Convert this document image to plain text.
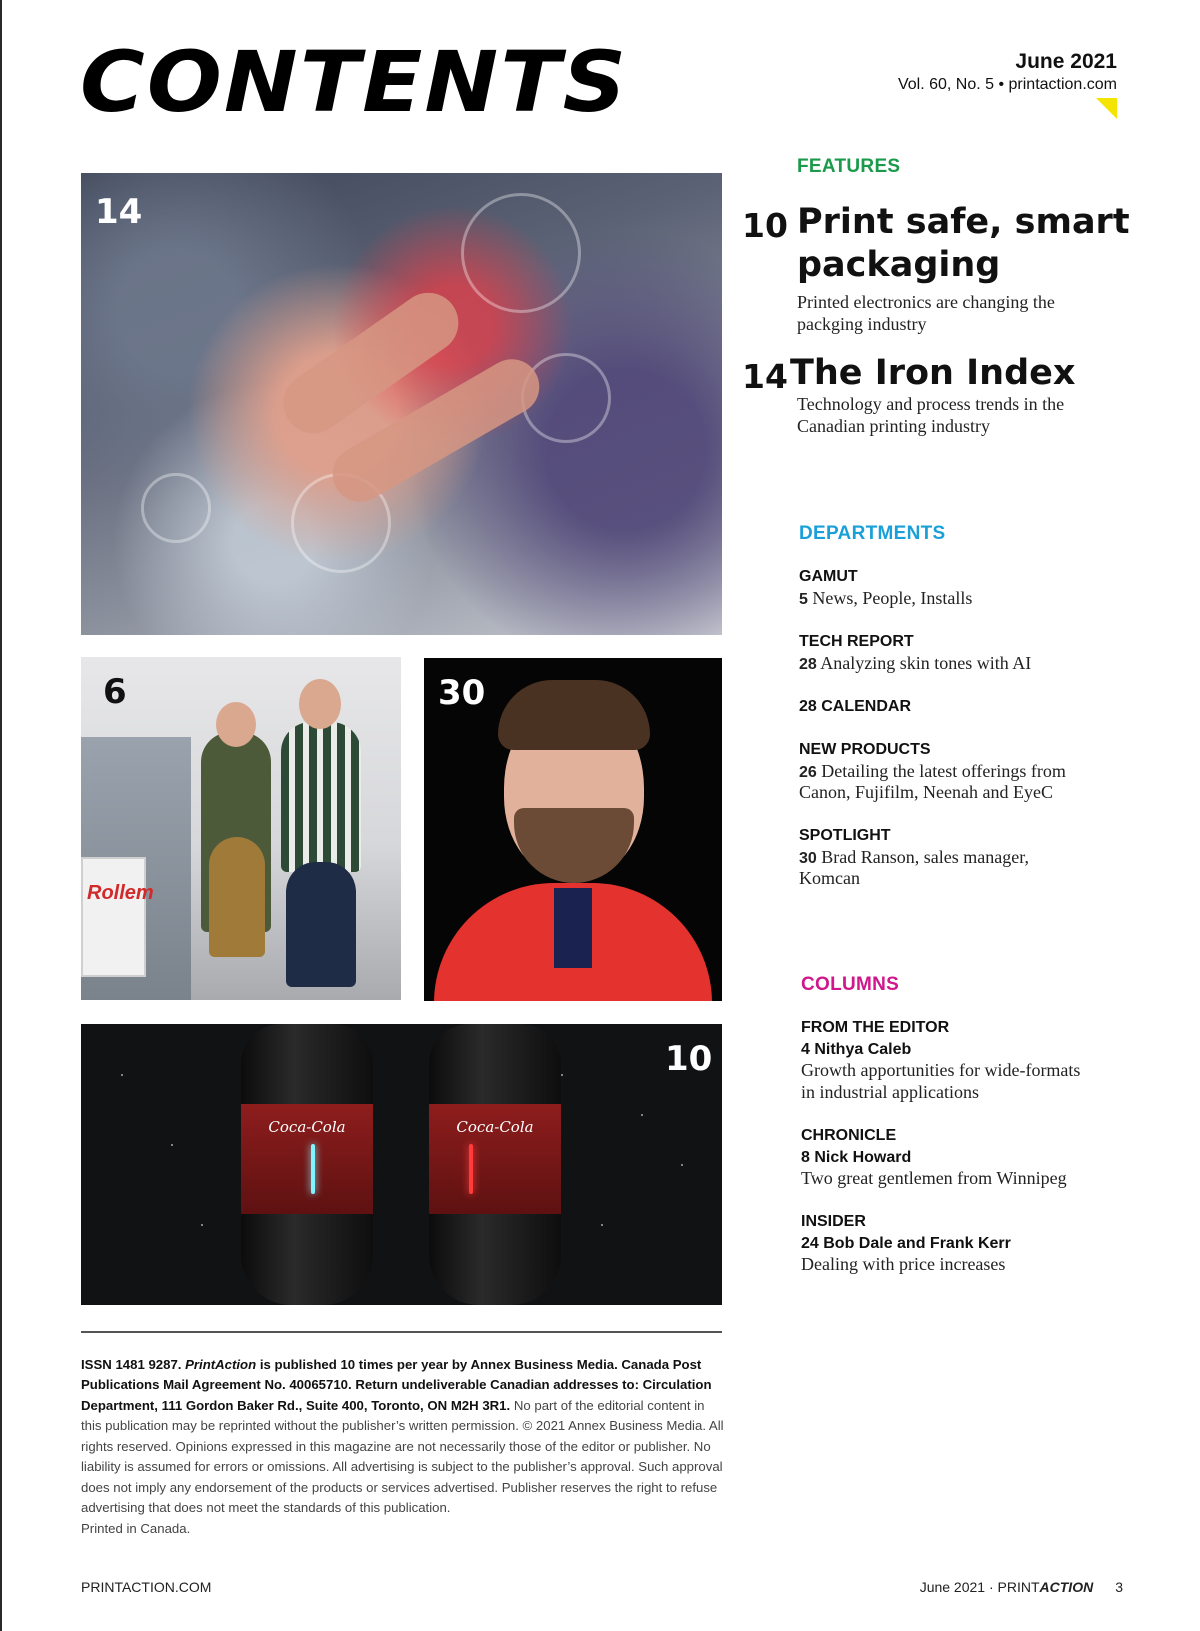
CONTENTS	June 2021
Vol. 60, No. 5 • printaction.com
14
Rollem
6	30
Coca-Cola	Coca-Cola
10
FEATURES
10 Print safe, smart
packaging
Printed electronics are changing the
packging industry
14 The Iron Index
Technology and process trends in the
Canadian printing industry
DEPARTMENTS
GAMUT
5 News, People, Installs
TECH REPORT
28 Analyzing skin tones with AI
28 CALENDAR
NEW PRODUCTS
26 Detailing the latest offerings from
Canon, Fujifilm, Neenah and EyeC
SPOTLIGHT
30 Brad Ranson, sales manager,
Komcan
COLUMNS
FROM THE EDITOR
4 Nithya Caleb
Growth apportunities for wide-formats
in industrial applications
CHRONICLE
8 Nick Howard
Two great gentlemen from Winnipeg
INSIDER
24 Bob Dale and Frank Kerr
Dealing with price increases
ISSN 1481 9287. PrintAction is published 10 times per year by Annex Business Media. Canada Post Publications Mail Agreement No. 40065710. Return undeliverable Canadian addresses to: Circulation Department, 111 Gordon Baker Rd., Suite 400, Toronto, ON M2H 3R1. No part of the editorial content in this publication may be reprinted without the publisher’s written permission. © 2021 Annex Business Media. All rights reserved. Opinions expressed in this magazine are not necessarily those of the editor or publisher. No liability is assumed for errors or omissions. All advertising is subject to the publisher’s approval. Such approval does not imply any endorsement of the products or services advertised. Publisher reserves the right to refuse advertising that does not meet the standards of this publication.
Printed in Canada.
PRINTACTION.COM	June 2021 · PRINTACTION 3
